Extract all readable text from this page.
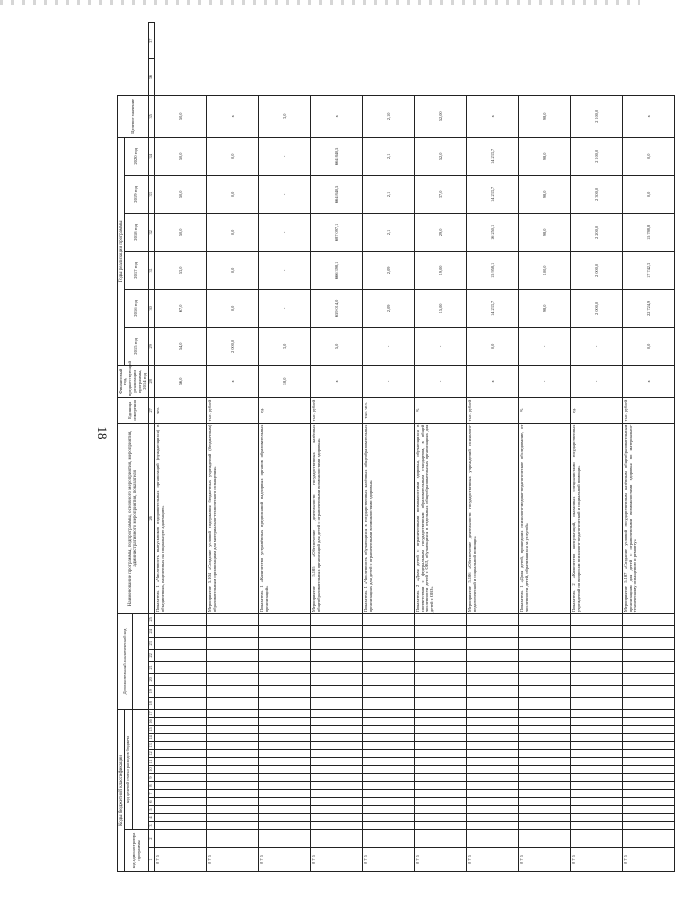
18
Коды бюджетной классификации																	Дополнительный аналитический код								Наименование программы, подпрограммы, основного мероприятия, мероприятия, административного мероприятия, показателя	Единица измерения	Финансовый год, предшествующий реализации программы, 2014 год	Годы реализации программы						Целевое значение		
код администратора программы		код целевой статьи расходов бюджета																										2015 год	2016 год	2017 год	2018 год	2019 год	2020 год			

1	2	3	4	5	6	7	8	9	10	11	12	13	14	15	16	17	18	19	20	21	22	23	24	25	26	27	28	29	30	31	32	33	34	35	36	37
0 7 5																									Показатель 1 «Численность выпускников оздоровительных организаций (нуждающихся) в объединениях, нацеленных на социальную адаптацию»	чел.	56,0	54,0	67,0	53,0	50,0	50,0	50,0	50,0		
0 7 5																									Мероприятие 5.104 «Создание условий содержания бюджетных учреждений (бюджетным) образовательным организациям для материально-технического оснащения»	тыс. рублей	х	2 000,0	0,0	0,0	0,0	0,0	0,0	х		
0 7 5																									Показатель 1 «Количество устранённых предписаний надзорных органов образовательных организаций»	ед.	18,0	3,0	-	-	-	-	-	3,0		
0 7 5																									Мероприятие 5.105 «Обеспечение деятельности государственных казённых общеобразовательных организаций для детей с ограниченными возможностями здоровья»	тыс. рублей	х	5,0	659 014,0	666 398,1	687 097,1	664 840,5	664 840,5	х		
0 7 5																									Показатель 1 «Численность обучающихся в государственных казённых общеобразовательных организациях для детей с ограниченными возможностями здоровья»	тыс. чел.	-	-	2,09	2,09	2,1	2,1	2,1	2,10		
0 7 5																									Показатель 2 «Доля детей с ограниченными возможностями здоровья, обучающихся в соответствии с федеральным государственным образовательным стандартом, в общей численности детей с ОВЗ, обучающихся в отдельных общеобразовательных организациях для детей с ОВЗ»	%	-	-	15,00	19,00	29,0	37,0	52,0	52,00		
0 7 5																									Мероприятие 5.106 «Обеспечение деятельности государственных учреждений психолого-педагогической и социальной помощи»	тыс. рублей	х	0,0	14 233,7	15 958,1	16 250,1	14 233,7	14 233,7	х		
0 7 5																									Показатель 1 «Доля детей, прошедших психолого-медико-педагогическое обследование, от численности детей, обратившихся за услугой»	%	-	-	98,0	100,0	98,0	98,0	98,0	98,0		
0 7 5																									Показатель 2 «Количество консультаций, оказанных специалистами государственных учреждений по вопросам психолого-педагогической и социальной помощи»	ед.	-	-	2 000,0	2 000,0	2 200,0	2 300,0	2 100,0	2 100,0		
0 7 5																									Мероприятие 5.107 «Создание условий государственным казённым общеобразовательным организациям для детей с ограниченными возможностями здоровья по материально-техническому оснащению и ремонту»	тыс. рублей	х	0,0	22 724,9	17 742,3	15 788,8	0,0	0,0	х		
